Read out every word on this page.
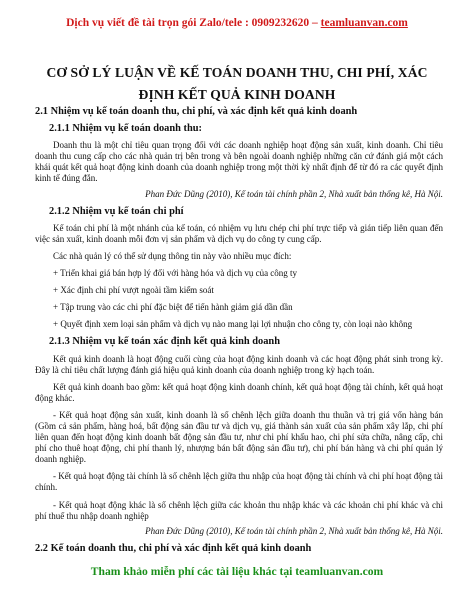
Dịch vụ viết đề tài trọn gói Zalo/tele : 0909232620 – teamluanvan.com
CƠ SỞ LÝ LUẬN VỀ KẾ TOÁN DOANH THU, CHI PHÍ, XÁC
ĐỊNH KẾT QUẢ KINH DOANH
2.1 Nhiệm vụ kế toán doanh thu, chi phí, và xác định kết quả kinh doanh
2.1.1 Nhiệm vụ kế toán doanh thu:

Doanh thu là một chỉ tiêu quan trọng đối với các doanh nghiệp hoạt động sản xuất, kinh doanh. Chỉ tiêu doanh thu cung cấp cho các nhà quản trị bên trong và bên ngoài doanh nghiệp những căn cứ đánh giá một cách khái quát kết quả hoạt động kinh doanh của doanh nghiệp trong một thời kỳ nhất định để từ đó ra các quyết định kinh tế đúng đắn.

Phan Đức Dũng (2010), Kế toán tài chính phần 2, Nhà xuất bản thống kê, Hà Nội.
2.1.2 Nhiệm vụ kế toán chi phí

Kế toán chi phí là một nhánh của kế toán, có nhiệm vụ lưu chép chi phí trực tiếp và gián tiếp liên quan đến việc sản xuất, kinh doanh mỗi đơn vị sản phẩm và dịch vụ do công ty cung cấp.

Các nhà quản lý có thể sử dụng thông tin này vào nhiều mục đích:
+ Triển khai giá bán hợp lý đối với hàng hóa và dịch vụ của công ty
+ Xác định chi phí vượt ngoài tầm kiểm soát
+ Tập trung vào các chi phí đặc biệt để tiến hành giảm giá dần dần

+ Quyết định xem loại sản phẩm và dịch vụ nào mang lại lợi nhuận cho công ty, còn loại nào không

2.1.3 Nhiệm vụ kế toán xác định kết quả kinh doanh

Kết quả kinh doanh là hoạt động cuối cùng của hoạt động kinh doanh và các hoạt động phát sinh trong kỳ. Đây là chỉ tiêu chất lượng đánh giá hiệu quả kinh doanh của doanh nghiệp trong kỳ hạch toán.

Kết quả kinh doanh bao gồm: kết quả hoạt động kinh doanh chính, kết quả hoạt động tài chính, kết quả hoạt động khác.

- Kết quả hoạt động sản xuất, kinh doanh là số chênh lệch giữa doanh thu thuần và trị giá vốn hàng bán (Gồm cả sản phẩm, hàng hoá, bất động sản đầu tư và dịch vụ, giá thành sản xuất của sản phẩm xây lắp, chi phí liên quan đến hoạt động kinh doanh bất động sản đầu tư, như chi phí khấu hao, chi phí sửa chữa, nâng cấp, chi phí cho thuê hoạt động, chi phí thanh lý, nhượng bán bất động sản đầu tư), chi phí bán hàng và chi phí quản lý doanh nghiệp.

- Kết quả hoạt động tài chính là số chênh lệch giữa thu nhập của hoạt động tài chính và chi phí hoạt động tài chính.

- Kết quả hoạt động khác là số chênh lệch giữa các khoản thu nhập khác và các khoản chi phí khác và chi phí thuế thu nhập doanh nghiệp

Phan Đức Dũng (2010), Kế toán tài chính phần 2, Nhà xuất bản thống kê, Hà Nội.
2.2 Kế toán doanh thu, chi phí và xác định kết quả kinh doanh
Tham khảo miễn phí các tài liệu khác tại teamluanvan.com
